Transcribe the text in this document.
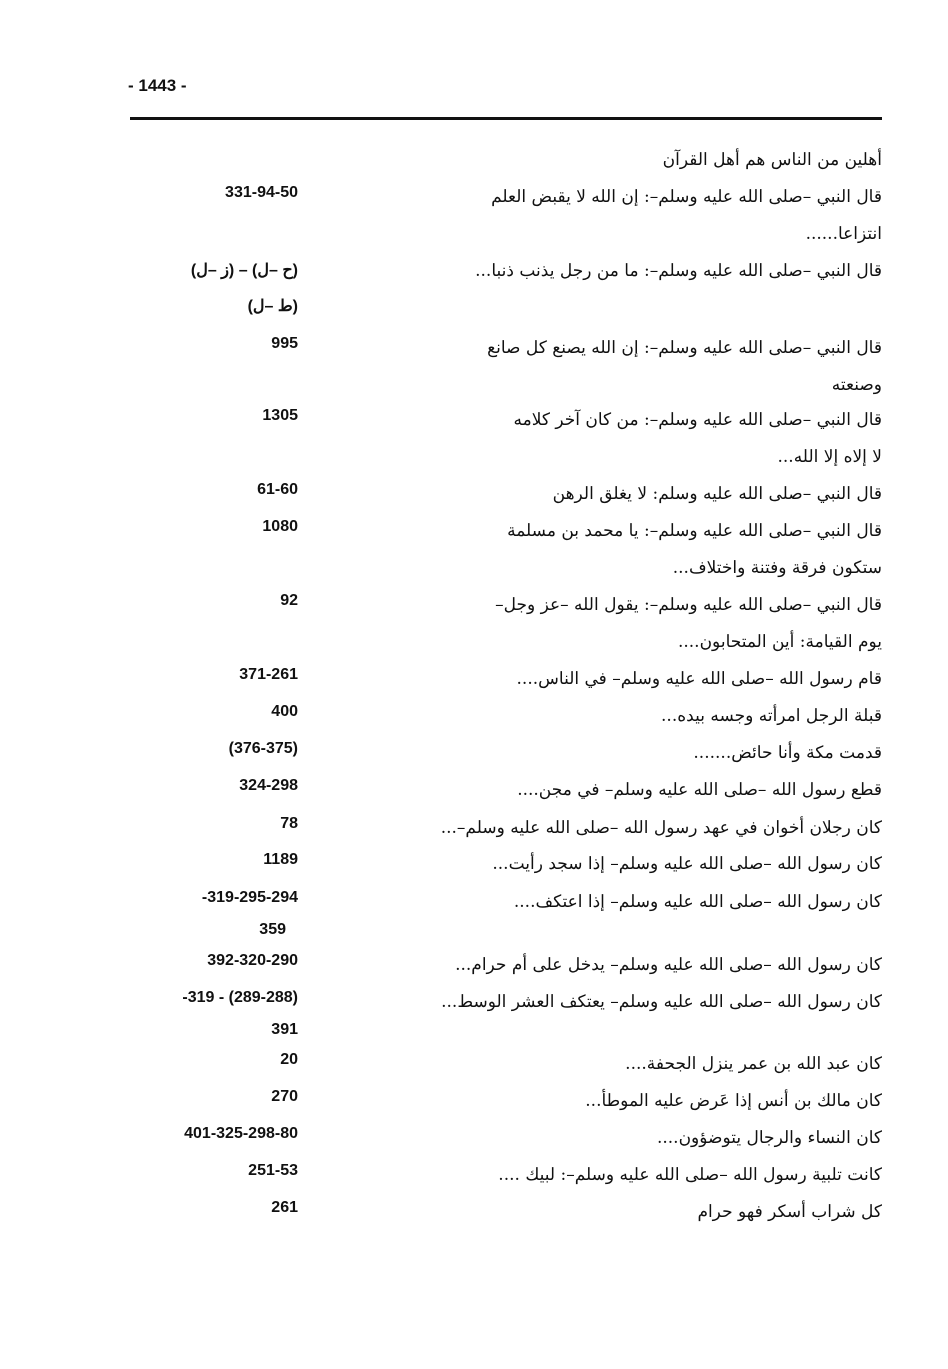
- 1443 -
أهلين من الناس هم أهل القرآن
قال النبي –صلى الله عليه وسلم–: إن الله لا يقبض العلم
انتزاعا......
331-94-50
قال النبي –صلى الله عليه وسلم–: ما من رجل يذنب ذنبا...
(ز –ل) – (ح –ل)
(ط –ل)
قال النبي –صلى الله عليه وسلم–: إن الله يصنع كل صانع
وصنعته
995
قال النبي –صلى الله عليه وسلم–: من كان آخر كلامه
لا إلاه إلا الله...
1305
قال النبي –صلى الله عليه وسلم: لا يغلق الرهن
61-60
قال النبي –صلى الله عليه وسلم–: يا محمد بن مسلمة
ستكون فرقة وفتنة واختلاف...
1080
قال النبي –صلى الله عليه وسلم–: يقول الله –عز وجل–
يوم القيامة: أين المتحابون....
92
قام رسول الله –صلى الله عليه وسلم– في الناس....
371-261
قبلة الرجل امرأته وجسه بيده...
400
قدمت مكة وأنا حائض.......
(376-375)
قطع رسول الله –صلى الله عليه وسلم– في مجن....
324-298
كان رجلان أخوان في عهد رسول الله –صلى الله عليه وسلم–...
78
كان رسول الله –صلى الله عليه وسلم– إذا سجد رأيت...
1189
كان رسول الله –صلى الله عليه وسلم– إذا اعتكف....
-319-295-294
359
كان رسول الله –صلى الله عليه وسلم– يدخل على أم حرام...
392-320-290
كان رسول الله –صلى الله عليه وسلم– يعتكف العشر الوسط...
-319 - (289-288)
391
كان عبد الله بن عمر ينزل الجحفة....
20
كان مالك بن أنس إذا عَرض عليه الموطأ...
270
كان النساء والرجال يتوضؤون....
401-325-298-80
كانت تلبية رسول الله –صلى الله عليه وسلم–: لبيك ....
251-53
كل شراب أسكر فهو حرام
261
